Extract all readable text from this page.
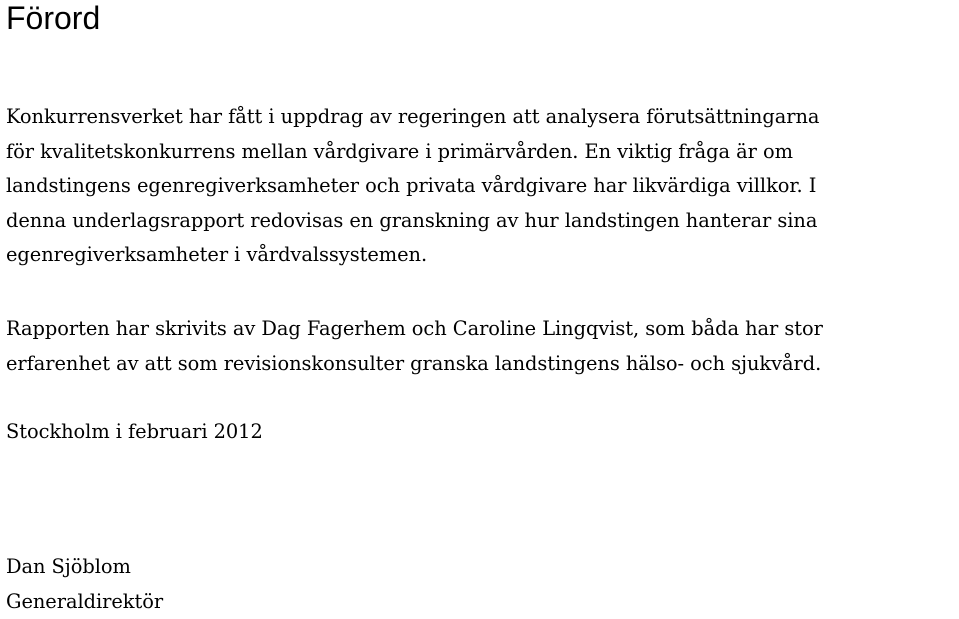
Förord

Konkurrensverket har fått i uppdrag av regeringen att analysera förutsättningarna
för kvalitetskonkurrens mellan vårdgivare i primärvården. En viktig fråga är om
landstingens egenregiverksamheter och privata vårdgivare har likvärdiga villkor. I
denna underlagsrapport redovisas en granskning av hur landstingen hanterar sina
egenregiverksamheter i vårdvalssystemen.

Rapporten har skrivits av Dag Fagerhem och Caroline Lingqvist, som båda har stor
erfarenhet av att som revisionskonsulter granska landstingens hälso- och sjukvård.

Stockholm i februari 2012

Dan Sjöblom
Generaldirektör
